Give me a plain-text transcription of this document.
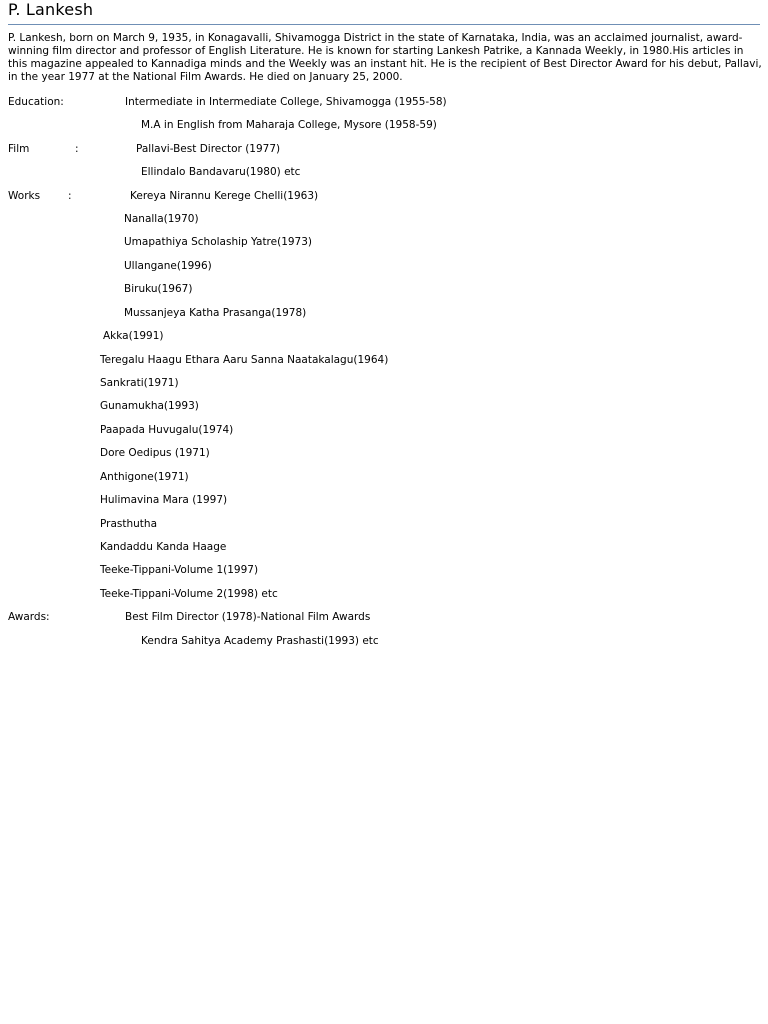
P. Lankesh

P. Lankesh, born on March 9, 1935, in Konagavalli, Shivamogga District in the state of Karnataka, India, was an acclaimed journalist, award-winning film director and professor of English Literature. He is known for starting Lankesh Patrike, a Kannada Weekly, in 1980.His articles in this magazine appealed to Kannadiga minds and the Weekly was an instant hit. He is the recipient of Best Director Award for his debut, Pallavi, in the year 1977 at the National Film Awards. He died on January 25, 2000.

Education:	Intermediate in Intermediate College, Shivamogga (1955-58)
M.A in English from Maharaja College, Mysore (1958-59)
Film	:	Pallavi-Best Director (1977)
Ellindalo Bandavaru(1980) etc
Works	:	Kereya Nirannu Kerege Chelli(1963)
Nanalla(1970)
Umapathiya Scholaship Yatre(1973)
Ullangane(1996)
Biruku(1967)
Mussanjeya Katha Prasanga(1978)
Akka(1991)
Teregalu Haagu Ethara Aaru Sanna Naatakalagu(1964)
Sankrati(1971)
Gunamukha(1993)
Paapada Huvugalu(1974)
Dore Oedipus (1971)
Anthigone(1971)
Hulimavina Mara (1997)
Prasthutha
Kandaddu Kanda Haage
Teeke-Tippani-Volume 1(1997)
Teeke-Tippani-Volume 2(1998) etc
Awards:	Best Film Director (1978)-National Film Awards
Kendra Sahitya Academy Prashasti(1993) etc
